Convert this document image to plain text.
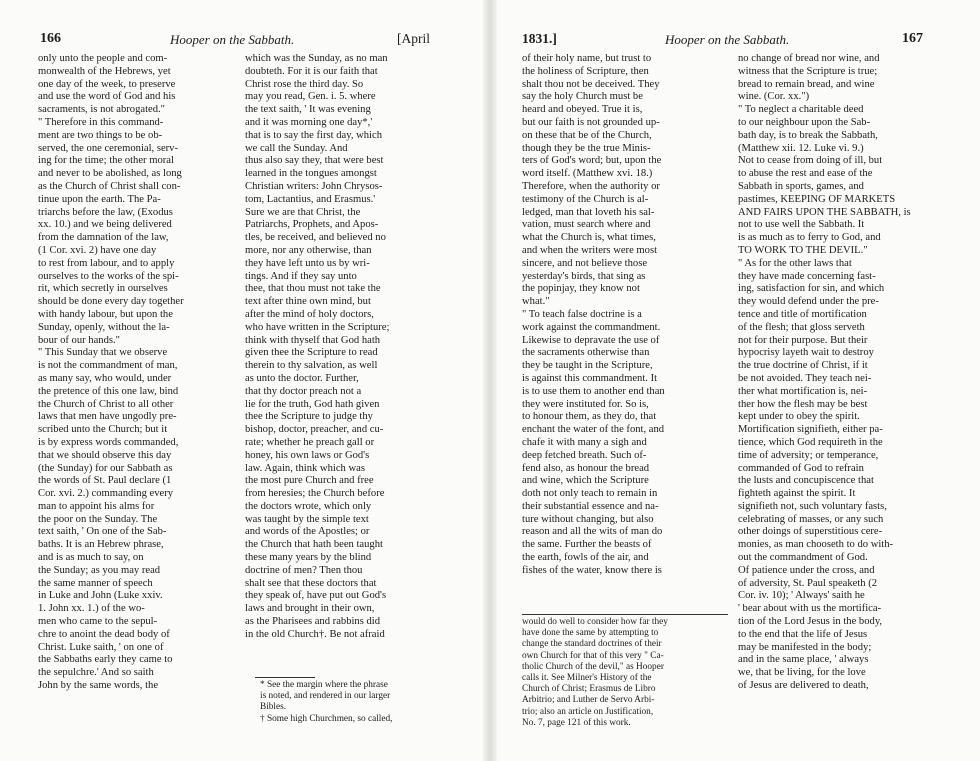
166	Hooper on the Sabbath.	[April
only unto the people and com-
monwealth of the Hebrews, yet
one day of the week, to preserve
and use the word of God and his
sacraments, is not abrogated."
" Therefore in this command-
ment are two things to be ob-
served, the one ceremonial, serv-
ing for the time; the other moral
and never to be abolished, as long
as the Church of Christ shall con-
tinue upon the earth. The Pa-
triarchs before the law, (Exodus
xx. 10.) and we being delivered
from the damnation of the law,
(1 Cor. xvi. 2) have one day
to rest from labour, and to apply
ourselves to the works of the spi-
rit, which secretly in ourselves
should be done every day together
with handy labour, but upon the
Sunday, openly, without the la-
bour of our hands."
" This Sunday that we observe
is not the commandment of man,
as many say, who would, under
the pretence of this one law, bind
the Church of Christ to all other
laws that men have ungodly pre-
scribed unto the Church; but it
is by express words commanded,
that we should observe this day
(the Sunday) for our Sabbath as
the words of St. Paul declare (1
Cor. xvi. 2.) commanding every
man to appoint his alms for
the poor on the Sunday. The
text saith, ' On one of the Sab-
baths. It is an Hebrew phrase,
and is as much to say, on
the Sunday; as you may read
the same manner of speech
in Luke and John (Luke xxiv.
1. John xx. 1.) of the wo-
men who came to the sepul-
chre to anoint the dead body of
Christ. Luke saith, ' on one of
the Sabbaths early they came to
the sepulchre.' And so saith
John by the same words, the
which was the Sunday, as no man
doubteth. For it is our faith that
Christ rose the third day. So
may you read, Gen. i. 5. where
the text saith, ' It was evening
and it was morning one day*,'
that is to say the first day, which
we call the Sunday. And
thus also say they, that were best
learned in the tongues amongst
Christian writers: John Chrysos-
tom, Lactantius, and Erasmus.'
Sure we are that Christ, the
Patriarchs, Prophets, and Apos-
tles, be received, and believed no
more, nor any otherwise, than
they have left unto us by wri-
tings. And if they say unto
thee, that thou must not take the
text after thine own mind, but
after the mind of holy doctors,
who have written in the Scripture;
think with thyself that God hath
given thee the Scripture to read
therein to thy salvation, as well
as unto the doctor. Further,
that thy doctor preach not a
lie for the truth, God hath given
thee the Scripture to judge thy
bishop, doctor, preacher, and cu-
rate; whether he preach gall or
honey, his own laws or God's
law. Again, think which was
the most pure Church and free
from heresies; the Church before
the doctors wrote, which only
was taught by the simple text
and words of the Apostles; or
the Church that hath been taught
these many years by the blind
doctrine of men? Then thou
shalt see that these doctors that
they speak of, have put out God's
laws and brought in their own,
as the Pharisees and rabbins did
in the old Church†. Be not afraid
* See the margin where the phrase
is noted, and rendered in our larger
Bibles.
† Some high Churchmen, so called,
1831.]	Hooper on the Sabbath.	167
of their holy name, but trust to
the holiness of Scripture, then
shalt thou not be deceived. They
say the holy Church must be
heard and obeyed. True it is,
but our faith is not grounded up-
on these that be of the Church,
though they be the true Minis-
ters of God's word; but, upon the
word itself. (Matthew xvi. 18.)
Therefore, when the authority or
testimony of the Church is al-
ledged, man that loveth his sal-
vation, must search where and
what the Church is, what times,
and when the writers were most
sincere, and not believe those
yesterday's birds, that sing as
the popinjay, they know not
what."
" To teach false doctrine is a
work against the commandment.
Likewise to depravate the use of
the sacraments otherwise than
they be taught in the Scripture,
is against this commandment. It
is to use them to another end than
they were instituted for. So is,
to honour them, as they do, that
enchant the water of the font, and
chafe it with many a sigh and
deep fetched breath. Such of-
fend also, as honour the bread
and wine, which the Scripture
doth not only teach to remain in
their substantial essence and na-
ture without changing, but also
reason and all the wits of man do
the same. Further the beasts of
the earth, fowls of the air, and
fishes of the water, know there is
would do well to consider how far they
have done the same by attempting to
change the standard doctrines of their
own Church for that of this very " Ca-
tholic Church of the devil," as Hooper
calls it. See Milner's History of the
Church of Christ; Erasmus de Libro
Arbitrio; and Luther de Servo Arbi-
trio; also an article on Justification,
No. 7, page 121 of this work.
no change of bread nor wine, and
witness that the Scripture is true;
bread to remain bread, and wine
wine. (Cor. xx.")
" To neglect a charitable deed
to our neighbour upon the Sab-
bath day, is to break the Sabbath,
(Matthew xii. 12. Luke vi. 9.)
Not to cease from doing of ill, but
to abuse the rest and ease of the
Sabbath in sports, games, and
pastimes, KEEPING OF MARKETS
AND FAIRS UPON THE SABBATH, is
not to use well the Sabbath. It
is as much as to ferry to God, and
TO WORK TO THE DEVIL."
" As for the other laws that
they have made concerning fast-
ing, satisfaction for sin, and which
they would defend under the pre-
tence and title of mortification
of the flesh; that gloss serveth
not for their purpose. But their
hypocrisy layeth wait to destroy
the true doctrine of Christ, if it
be not avoided. They teach nei-
ther what mortification is, nei-
ther how the flesh may be best
kept under to obey the spirit.
Mortification signifieth, either pa-
tience, which God requireth in the
time of adversity; or temperance,
commanded of God to refrain
the lusts and concupiscence that
fighteth against the spirit. It
signifieth not, such voluntary fasts,
celebrating of masses, or any such
other doings of superstitious cere-
monies, as man chooseth to do with-
out the commandment of God.
Of patience under the cross, and
of adversity, St. Paul speaketh (2
Cor. iv. 10); ' Always' saith he
' bear about with us the mortifica-
tion of the Lord Jesus in the body,
to the end that the life of Jesus
may be manifested in the body;
and in the same place, ' always
we, that be living, for the love
of Jesus are delivered to death,
